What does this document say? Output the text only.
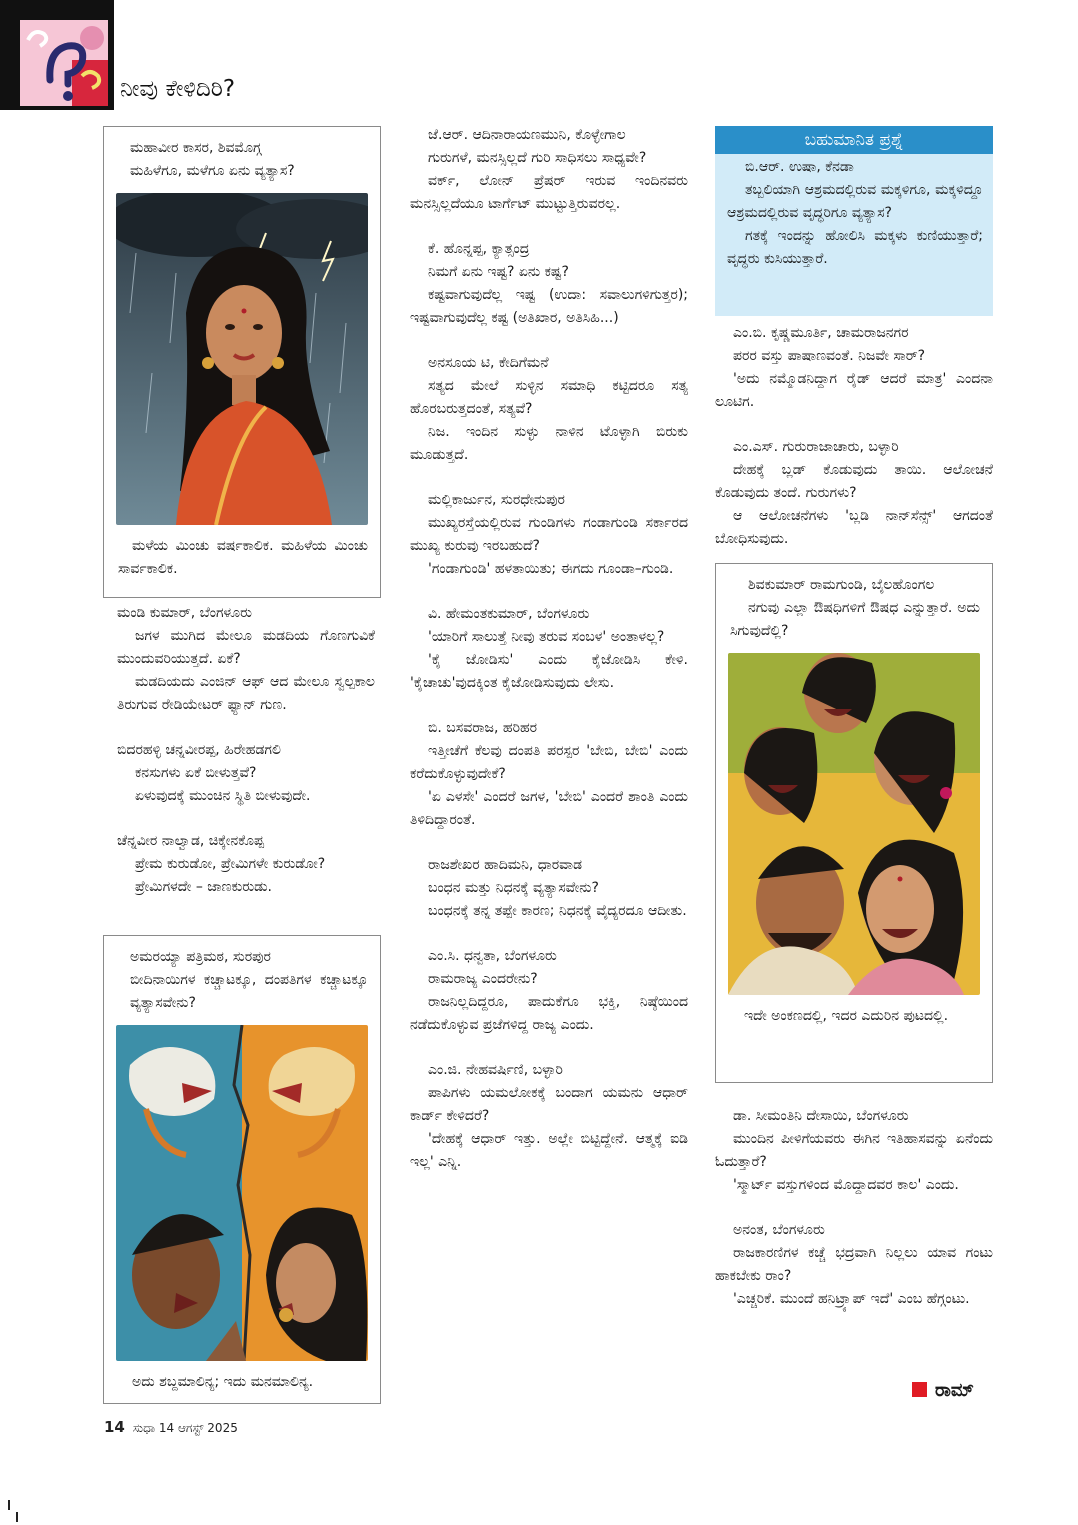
ನೀವು ಕೇಳಿದಿರಿ?
ಮಹಾವೀರ ಕಾಸರ, ಶಿವಮೊಗ್ಗ
ಮಹಿಳೆಗೂ, ಮಳೆಗೂ ಏನು ವ್ಯತ್ಯಾಸ?
ಮಳೆಯ ಮಿಂಚು ವರ್ಷಕಾಲಿಕ. ಮಹಿಳೆಯ ಮಿಂಚು ಸಾರ್ವಕಾಲಿಕ.
ಮಂಡಿ ಕುಮಾರ್, ಬೆಂಗಳೂರು
ಜಗಳ ಮುಗಿದ ಮೇಲೂ ಮಡದಿಯ ಗೊಣಗುವಿಕೆ ಮುಂದುವರಿಯುತ್ತದೆ. ಏಕೆ?
ಮಡದಿಯದು ಎಂಜಿನ್ ಆಫ್ ಆದ ಮೇಲೂ ಸ್ವಲ್ಪಕಾಲ ತಿರುಗುವ ರೇಡಿಯೇಟರ್ ಫ್ಯಾನ್ ಗುಣ.
ಬಿದರಹಳ್ಳಿ ಚನ್ನವೀರಪ್ಪ, ಹಿರೇಹಡಗಲಿ
ಕನಸುಗಳು ಏಕೆ ಬೀಳುತ್ತವೆ?
ಏಳುವುದಕ್ಕೆ ಮುಂಚಿನ ಸ್ಥಿತಿ ಬೀಳುವುದೇ.
ಚೆನ್ನವೀರ ನಾಲ್ವಾಡ, ಚಿಕ್ಕೇನಕೊಪ್ಪ
ಪ್ರೇಮ ಕುರುಡೋ, ಪ್ರೇಮಿಗಳೇ ಕುರುಡೋ?
ಪ್ರೇಮಿಗಳದೇ – ಜಾಣಕುರುಡು.
ಅಮರಯ್ಯಾ ಪತ್ರಿಮಠ, ಸುರಪುರ
ಬೀದಿನಾಯಿಗಳ ಕಚ್ಚಾಟಕ್ಕೂ, ದಂಪತಿಗಳ ಕಚ್ಚಾಟಕ್ಕೂ ವ್ಯತ್ಯಾಸವೇನು?
ಅದು ಶಬ್ದಮಾಲಿನ್ಯ; ಇದು ಮನಮಾಲಿನ್ಯ.
ಜೆ.ಆರ್. ಆದಿನಾರಾಯಣಮುನಿ, ಕೊಳ್ಳೇಗಾಲ
ಗುರುಗಳೆ, ಮನಸ್ಸಿಲ್ಲದೆ ಗುರಿ ಸಾಧಿಸಲು ಸಾಧ್ಯವೇ?
ವರ್ಕ್, ಲೋನ್ ಪ್ರೆಷರ್ ಇರುವ ಇಂದಿನವರು ಮನಸ್ಸಿಲ್ಲದೆಯೂ ಟಾರ್ಗೆಟ್ ಮುಟ್ಟುತ್ತಿರುವರಲ್ಲ.
ಕೆ. ಹೊನ್ನಪ್ಪ, ಕ್ಯಾತ್ಸಂದ್ರ
ನಿಮಗೆ ಏನು ಇಷ್ಟ? ಏನು ಕಷ್ಟ?
ಕಷ್ಟವಾಗುವುದೆಲ್ಲ ಇಷ್ಟ (ಉದಾ: ಸವಾಲುಗಳಿಗುತ್ತರ); ಇಷ್ಟವಾಗುವುದೆಲ್ಲ ಕಷ್ಟ (ಅತಿಖಾರ, ಅತಿಸಿಹಿ...)
ಅನಸೂಯ ಟಿ, ಕೇದಿಗೆಮನೆ
ಸತ್ಯದ ಮೇಲೆ ಸುಳ್ಳಿನ ಸಮಾಧಿ ಕಟ್ಟಿದರೂ ಸತ್ಯ ಹೊರಬರುತ್ತದಂತೆ, ಸತ್ಯವೆ?
ನಿಜ. ಇಂದಿನ ಸುಳ್ಳು ನಾಳಿನ ಟೊಳ್ಳಾಗಿ ಬಿರುಕು ಮೂಡುತ್ತದೆ.
ಮಲ್ಲಿಕಾರ್ಜುನ, ಸುರಧೇನುಪುರ
ಮುಖ್ಯರಸ್ತೆಯಲ್ಲಿರುವ ಗುಂಡಿಗಳು ಗಂಡಾಗುಂಡಿ ಸರ್ಕಾರದ ಮುಖ್ಯ ಕುರುವು ಇರಬಹುದೆ?
'ಗಂಡಾಗುಂಡಿ' ಹಳತಾಯಿತು; ಈಗದು ಗೂಂಡಾ–ಗುಂಡಿ.
ವಿ. ಹೇಮಂತಕುಮಾರ್, ಬೆಂಗಳೂರು
'ಯಾರಿಗೆ ಸಾಲುತ್ತೆ ನೀವು ತರುವ ಸಂಬಳ' ಅಂತಾಳಲ್ಲ?
'ಕೈ ಜೋಡಿಸು' ಎಂದು ಕೈಜೋಡಿಸಿ ಕೇಳಿ. 'ಕೈಚಾಚು'ವುದಕ್ಕಿಂತ ಕೈಜೋಡಿಸುವುದು ಲೇಸು.
ಬಿ. ಬಸವರಾಜ, ಹರಿಹರ
ಇತ್ತೀಚೆಗೆ ಕೆಲವು ದಂಪತಿ ಪರಸ್ಪರ 'ಬೇಬಿ, ಬೇಬಿ' ಎಂದು ಕರೆದುಕೊಳ್ಳುವುದೇಕೆ?
'ಏ ಎಳಸೇ' ಎಂದರೆ ಜಗಳ, 'ಬೇಬಿ' ಎಂದರೆ ಶಾಂತಿ ಎಂದು ತಿಳಿದಿದ್ದಾರಂತೆ.
ರಾಜಶೇಖರ ಹಾದಿಮನಿ, ಧಾರವಾಡ
ಬಂಧನ ಮತ್ತು ನಿಧನಕ್ಕೆ ವ್ಯತ್ಯಾಸವೇನು?
ಬಂಧನಕ್ಕೆ ತನ್ನ ತಪ್ಪೇ ಕಾರಣ; ನಿಧನಕ್ಕೆ ವೈದ್ಯರದೂ ಆದೀತು.
ಎಂ.ಸಿ. ಧನ್ವತಾ, ಬೆಂಗಳೂರು
ರಾಮರಾಜ್ಯ ಎಂದರೇನು?
ರಾಜನಿಲ್ಲದಿದ್ದರೂ, ಪಾದುಕೆಗೂ ಭಕ್ತಿ, ನಿಷ್ಠೆಯಿಂದ ನಡೆದುಕೊಳ್ಳುವ ಪ್ರಜೆಗಳಿದ್ದ ರಾಜ್ಯ ಎಂದು.
ಎಂ.ಜಿ. ನೇಹವರ್ಷಿಣಿ, ಬಳ್ಳಾರಿ
ಪಾಪಿಗಳು ಯಮಲೋಕಕ್ಕೆ ಬಂದಾಗ ಯಮನು ಆಧಾರ್ ಕಾರ್ಡ್ ಕೇಳಿದರೆ?
'ದೇಹಕ್ಕೆ ಆಧಾರ್ ಇತ್ತು. ಅಲ್ಲೇ ಬಿಟ್ಟಿದ್ದೇನೆ. ಆತ್ಮಕ್ಕೆ ಐಡಿ ಇಲ್ಲ' ಎನ್ನಿ.
ಬಹುಮಾನಿತ ಪ್ರಶ್ನೆ
ಬಿ.ಆರ್. ಉಷಾ, ಕೆನಡಾ
ತಬ್ಬಲಿಯಾಗಿ ಆಶ್ರಮದಲ್ಲಿರುವ ಮಕ್ಕಳಿಗೂ, ಮಕ್ಕಳಿದ್ದೂ ಆಶ್ರಮದಲ್ಲಿರುವ ವೃದ್ಧರಿಗೂ ವ್ಯತ್ಯಾಸ?
ಗತಕ್ಕೆ ಇಂದನ್ನು ಹೋಲಿಸಿ ಮಕ್ಕಳು ಕುಣಿಯುತ್ತಾರೆ; ವೃದ್ಧರು ಕುಸಿಯುತ್ತಾರೆ.
ಎಂ.ಬಿ. ಕೃಷ್ಣಮೂರ್ತಿ, ಚಾಮರಾಜನಗರ
ಪರರ ವಸ್ತು ಪಾಷಾಣವಂತೆ. ನಿಜವೇ ಸಾರ್?
'ಅದು ನಮ್ಮೊಡನಿದ್ದಾಗ ರೈಡ್ ಆದರೆ ಮಾತ್ರ' ಎಂದನಾ ಲೂಟಿಗ.
ಎಂ.ಎಸ್. ಗುರುರಾಜಾಚಾರು, ಬಳ್ಳಾರಿ
ದೇಹಕ್ಕೆ ಬ್ಲಡ್ ಕೊಡುವುದು ತಾಯಿ. ಆಲೋಚನೆ ಕೊಡುವುದು ತಂದೆ. ಗುರುಗಳು?
ಆ ಆಲೋಚನೆಗಳು 'ಬ್ಲಡಿ ನಾನ್‌ಸೆನ್ಸ್' ಆಗದಂತೆ ಬೋಧಿಸುವುದು.
ಶಿವಕುಮಾರ್ ರಾಮಗುಂಡಿ, ಬೈಲಹೊಂಗಲ
ನಗುವು ಎಲ್ಲಾ ಔಷಧಿಗಳಿಗೆ ಔಷಧ ಎನ್ನುತ್ತಾರೆ. ಅದು ಸಿಗುವುದೆಲ್ಲಿ?
ಇದೇ ಅಂಕಣದಲ್ಲಿ, ಇದರ ಎದುರಿನ ಪುಟದಲ್ಲಿ.
ಡಾ. ಸೀಮಂತಿನಿ ದೇಸಾಯಿ, ಬೆಂಗಳೂರು
ಮುಂದಿನ ಪೀಳಿಗೆಯವರು ಈಗಿನ ಇತಿಹಾಸವನ್ನು ಏನೆಂದು ಓದುತ್ತಾರೆ?
'ಸ್ಮಾರ್ಟ್ ವಸ್ತುಗಳಿಂದ ಮೊದ್ದಾದವರ ಕಾಲ' ಎಂದು.
ಅನಂತ, ಬೆಂಗಳೂರು
ರಾಜಕಾರಣಿಗಳ ಕಚ್ಚೆ ಭದ್ರವಾಗಿ ನಿಲ್ಲಲು ಯಾವ ಗಂಟು ಹಾಕಬೇಕು ರಾಂ?
'ಎಚ್ಚರಿಕೆ. ಮುಂದೆ ಹನಿಟ್ರ್ಯಾಪ್ ಇದೆ' ಎಂಬ ಹೆಗ್ಗಂಟು.
ರಾಮ್
14 ಸುಧಾ 14 ಆಗಸ್ಟ್ 2025
